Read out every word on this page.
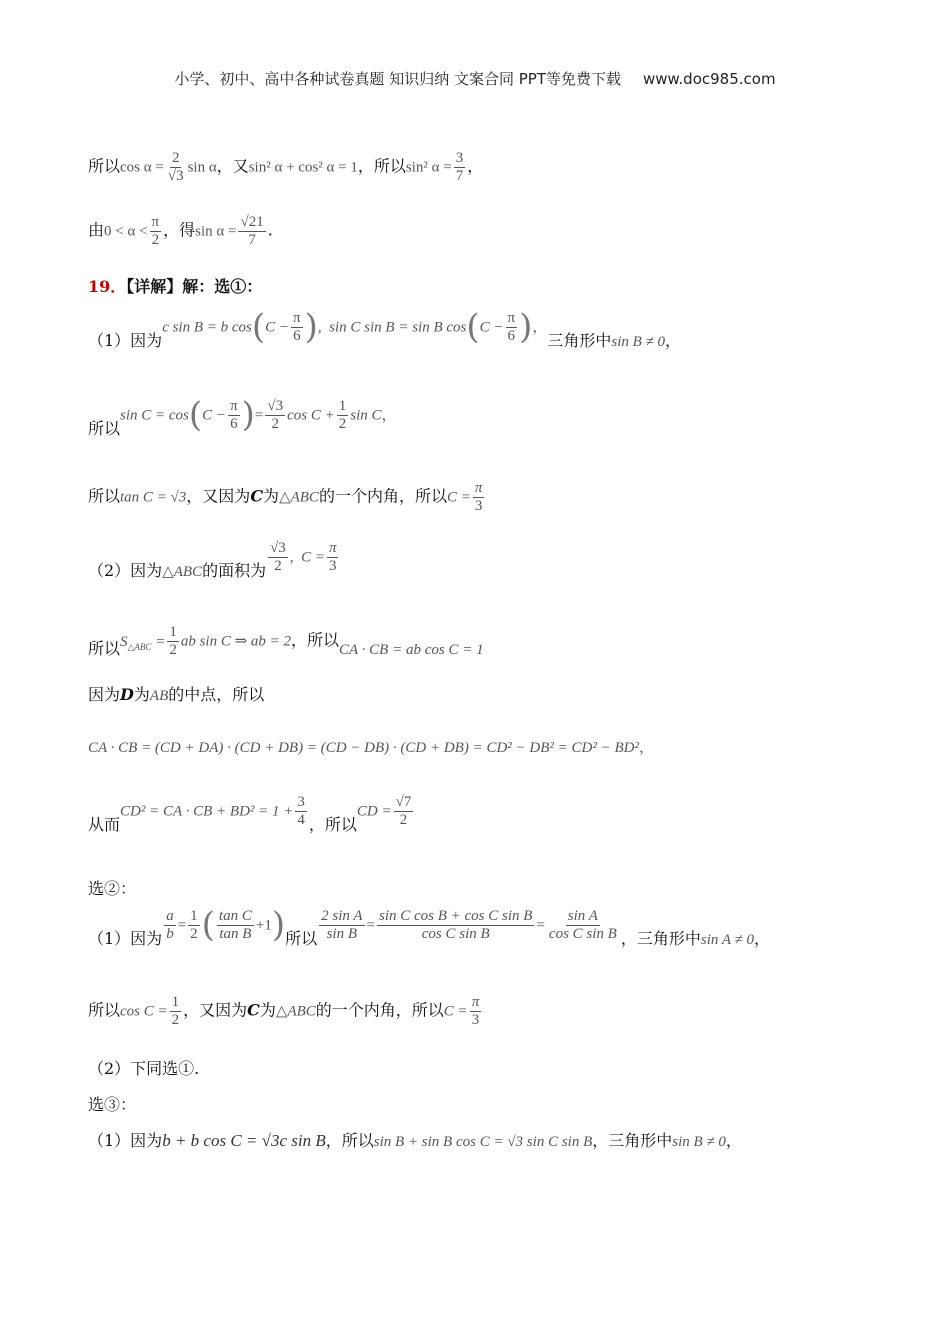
小学、初中、高中各种试卷真题 知识归纳 文案合同 PPT等免费下载 www.doc985.com
所以$\cos \alpha = \frac{2}{√3}$ sin α，又sin² α + cos² α = 1，所以sin² $\alpha = \frac{3}{7}$ ，
由$0 < \alpha < \frac{\pi}{2}$ ，得$\sin \alpha = \frac{√21}{7}$ .
19．【详解】解：选①：
（1）因为c sin B = b $\cos(C - \frac{\pi}{6}$ ),  sin C sin B = sin B $\cos(C - \frac{\pi}{6}$ )，三角形中sin B ≠ 0，
所以$\sin C = \cos(C - \frac{\pi}{6}$ )= $\frac{√3}{2}$ $\cos C + \frac{1}{2}$ sin C，
所以tan C = √3，又因为C为△ABC的一个内角，所以$C = \frac{\pi}{3}$
（2）因为△ABC的面积为 $\frac{√3}{2}$ ,  $C = \frac{\pi}{3}$
所以$S_{\triangle ABC} = \frac{1}{2}$ ab sin C ⇒ ab = 2，所以CA · CB = ab cos C = 1
因为D为AB的中点，所以
CA · CB = (CD + DA) · (CD + DB) = (CD − DB) · (CD + DB) = CD² − DB² = CD² − BD²，
从而CD² = CA · CB + $BD^2 = 1 + \frac{3}{4}$ ，所以CD = $\frac{√7}{2}$
选②：
（1）因为 $\frac{a}{b} = \frac{1}{2}$ ( $\frac{\text{tan C}}{\text{tan B}} +1$)所以 $\frac{\text{2 sin A}}{\text{sin B}} = \frac{\text{sin C cos B + cos C sin B}}{\text{cos C sin B}} = \frac{\text{sin A}}{\text{cos C sin B}}$ ，三角形中sin A ≠ 0，
所以$\cos C = \frac{1}{2}$ ，又因为C为△ABC的一个内角，所以$C = \frac{\pi}{3}$
（2）下同选①.
选③：
（1）因为b + b cos C = √3c sin B，所以sin B + sin B cos C = √3 sin C sin B，三角形中sin B ≠ 0，
